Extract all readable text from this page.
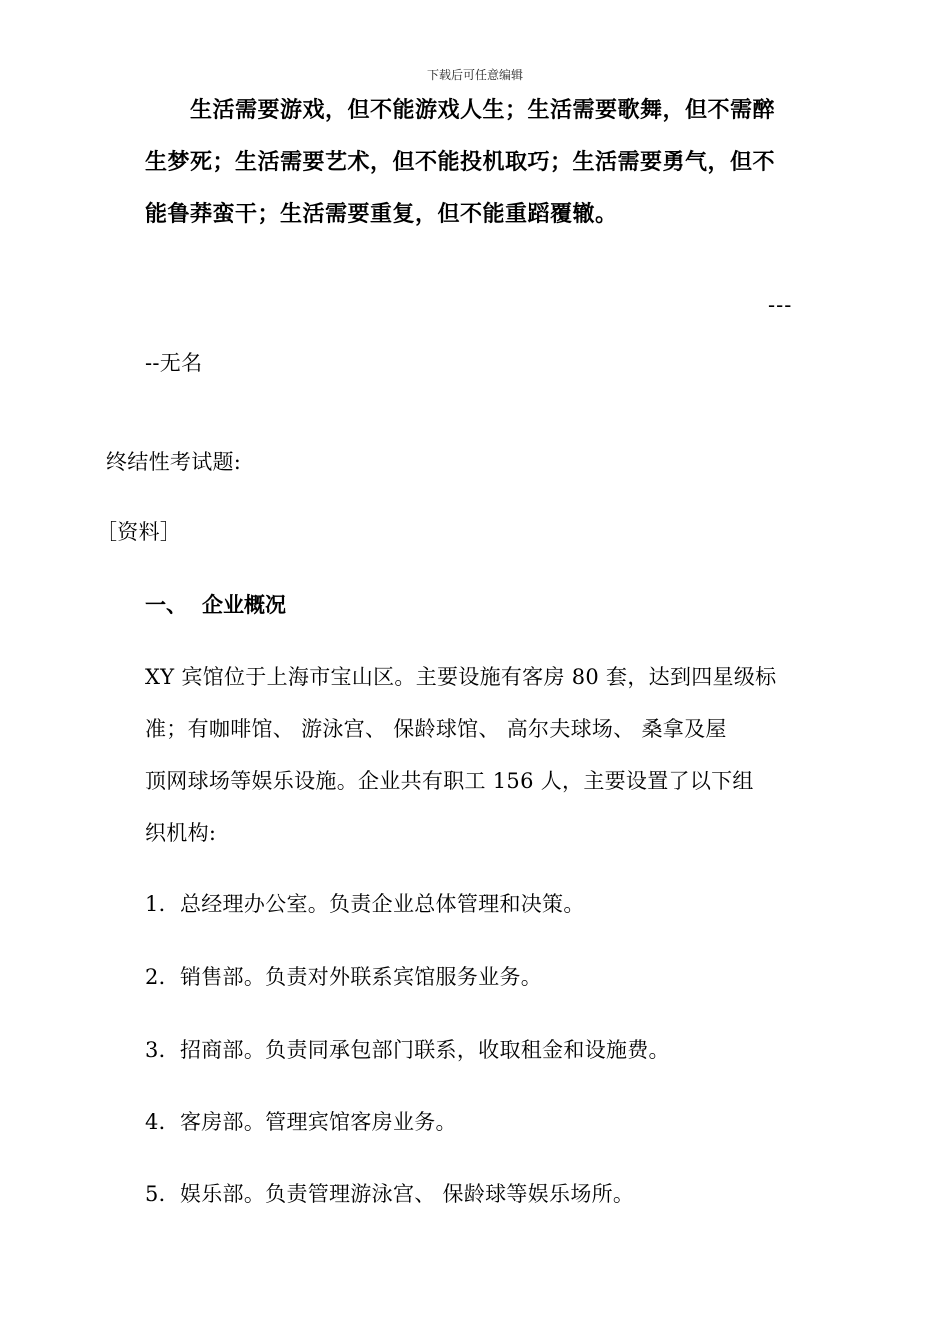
下载后可任意编辑
生活需要游戏，但不能游戏人生；生活需要歌舞，但不需醉
生梦死；生活需要艺术，但不能投机取巧；生活需要勇气，但不
能鲁莽蛮干；生活需要重复，但不能重蹈覆辙。
---
--无名
终结性考试题:
［资料］
一、 企业概况
XY 宾馆位于上海市宝山区。主要设施有客房 80 套，达到四星级标
准；有咖啡馆、 游泳宫、 保龄球馆、 高尔夫球场、 桑拿及屋
顶网球场等娱乐设施。企业共有职工 156 人，主要设置了以下组
织机构:
1．总经理办公室。负责企业总体管理和决策。
2．销售部。负责对外联系宾馆服务业务。
3．招商部。负责同承包部门联系，收取租金和设施费。
4．客房部。管理宾馆客房业务。
5．娱乐部。负责管理游泳宫、 保龄球等娱乐场所。
